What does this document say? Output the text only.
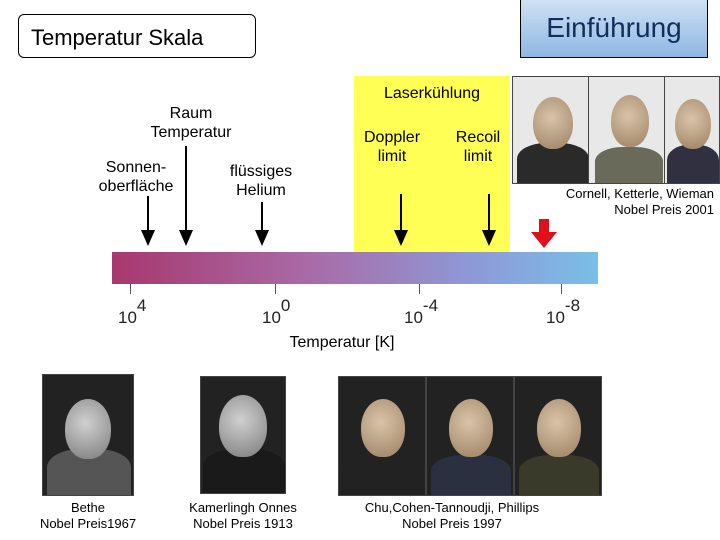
Temperatur Skala	Einführung
Laserkühlung
Doppler
limit
Recoil
limit
Raum
Temperatur
Sonnen-
oberfläche
flüssiges
Helium
104
100
10-4
10-8
Temperatur [K]
Cornell, Ketterle, Wieman
Nobel Preis 2001
Bethe
Nobel Preis1967
Kamerlingh Onnes
Nobel Preis 1913
Chu,Cohen-Tannoudji, Phillips
Nobel Preis 1997
